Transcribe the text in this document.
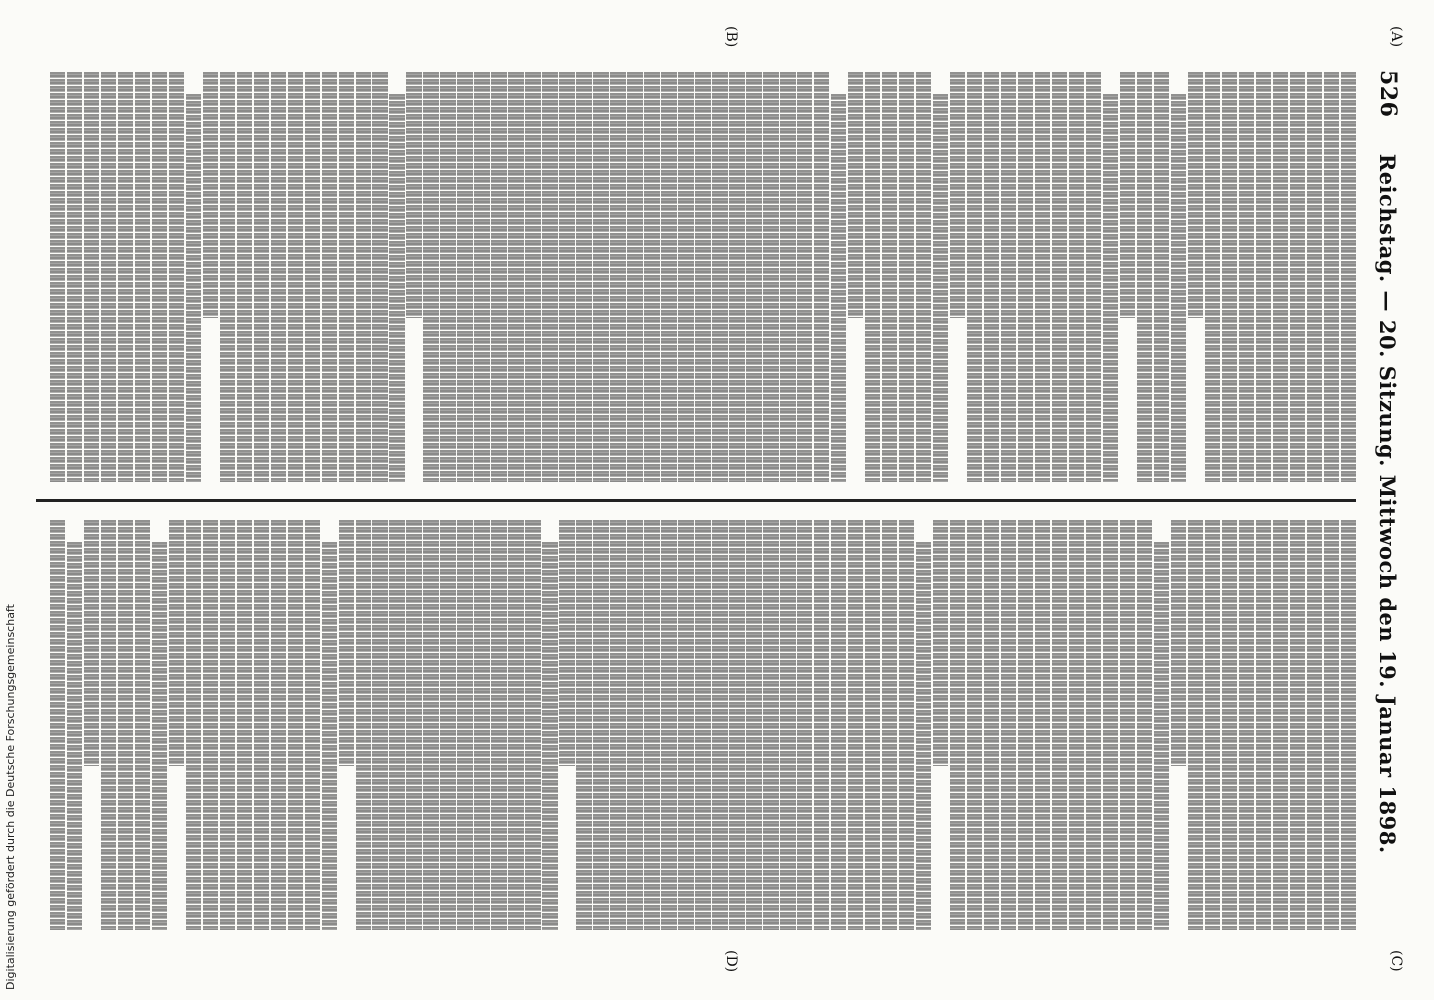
526
Reichstag. — 20. Sitzung. Mittwoch den 19. Januar 1898.
(A)
(B)
(C)
(D)
Digitalisierung gefördert durch die Deutsche Forschungsgemeinschaft
